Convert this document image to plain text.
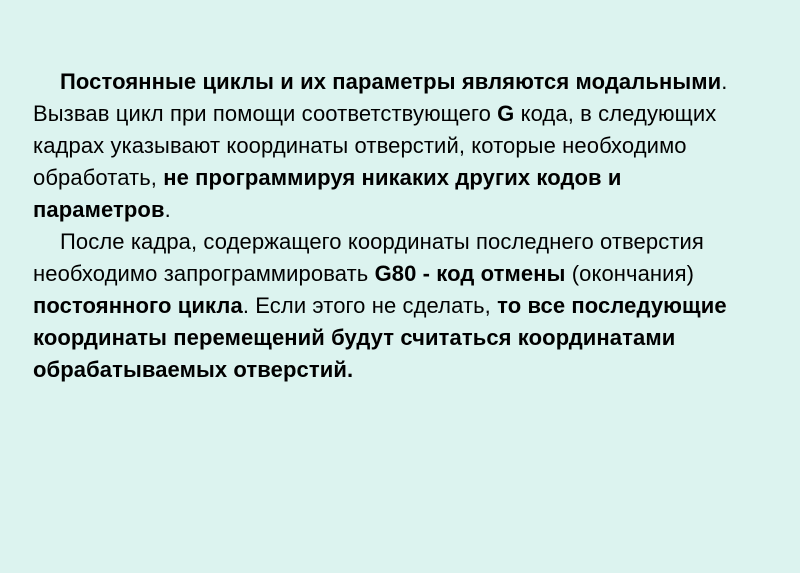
Постоянные циклы и их параметры являются модальными. Вызвав цикл при помощи соответствующего G кода, в следующих кадрах указывают координаты отверстий, которые необходимо обработать, не программируя никаких других кодов и параметров.

После кадра, содержащего координаты последнего отверстия необходимо запрограммировать G80 - код отмены (окончания) постоянного цикла. Если этого не сделать, то все последующие координаты перемещений будут считаться координатами обрабатываемых отверстий.
